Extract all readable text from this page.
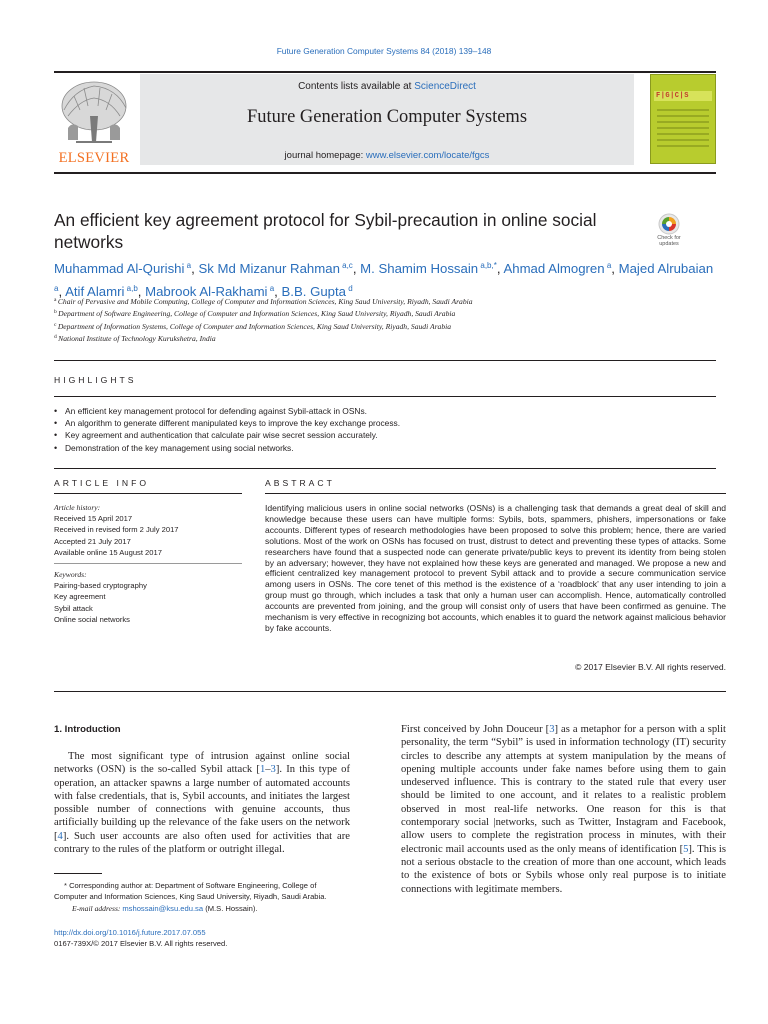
Future Generation Computer Systems 84 (2018) 139–148
ELSEVIER
Contents lists available at ScienceDirect
Future Generation Computer Systems
journal homepage: www.elsevier.com/locate/fgcs
F|G|C|S
An efficient key agreement protocol for Sybil-precaution in online social networks	Check for updates
Muhammad Al-Qurishi $^a$, Sk Md Mizanur Rahman $^{a,c}$, M. Shamim Hossain $^{a,b,*}$, Ahmad Almogren $^a$, Majed Alrubaian $^a$, Atif Alamri $^{a,b}$, Mabrook Al-Rakhami $^a$, B.B. Gupta $^d$
$^a$ Chair of Pervasive and Mobile Computing, College of Computer and Information Sciences, King Saud University, Riyadh, Saudi Arabia
$^b$ Department of Software Engineering, College of Computer and Information Sciences, King Saud University, Riyadh, Saudi Arabia
$^c$ Department of Information Systems, College of Computer and Information Sciences, King Saud University, Riyadh, Saudi Arabia
$^d$ National Institute of Technology Kurukshetra, India
HIGHLIGHTS
• An efficient key management protocol for defending against Sybil-attack in OSNs.
• An algorithm to generate different manipulated keys to improve the key exchange process.
• Key agreement and authentication that calculate pair wise secret session accurately.
• Demonstration of the key management using social networks.
ARTICLE INFO
Article history:
Received 15 April 2017
Received in revised form 2 July 2017
Accepted 21 July 2017
Available online 15 August 2017
Keywords:
Pairing-based cryptography
Key agreement
Sybil attack
Online social networks
ABSTRACT
Identifying malicious users in online social networks (OSNs) is a challenging task that demands a great deal of skill and knowledge because these users can have multiple forms: Sybils, bots, spammers, phishers, impersonations or fake accounts. Different types of research methodologies have been proposed to solve this problem; hence, there are varied solutions. Most of the work on OSNs has focused on trust, distrust to detect and preventing these types of attacks. Some researchers have found that a suspected node can generate private/public keys to prevent its identity from being stolen by an adversary; however, they have not explained how these keys are generated and managed. We propose a new and efficient centralized key management protocol to prevent Sybil attack and to provide a secure communication service among users in OSNs. The core tenet of this method is the existence of a ‘roadblock’ that any user intending to join a group must go through, which includes a task that only a human user can accomplish. Hence, automatically controlled accounts are prevented from joining, and the group will consist only of users that have been confirmed as genuine. The mechanism is very effective in recognizing bot accounts, which enables it to guard the network against malicious behavior by fake accounts.
© 2017 Elsevier B.V. All rights reserved.
1. Introduction
The most significant type of intrusion against online social networks (OSN) is the so-called Sybil attack [1–3]. In this type of operation, an attacker spawns a large number of automated accounts with false credentials, that is, Sybil accounts, and initiates the largest possible number of connections with genuine accounts, thus artificially building up the relevance of the fake users on the network [4]. Such user accounts are also often used for activities that are contrary to the rules of the platform or outright illegal.
First conceived by John Douceur [3] as a metaphor for a person with a split personality, the term “Sybil” is used in information technology (IT) security circles to describe any attempts at system manipulation by the means of opening multiple accounts under fake names before using them to gain undeserved influence. This is contrary to the stated rule that every user should be limited to one account, and it relates to a realistic problem observed in most real-life networks. One reason for this is that contemporary social |networks, such as Twitter, Instagram and Facebook, allow users to complete the registration process in minutes, with their electronic mail accounts used as the only means of identification [5]. This is not a serious obstacle to the creation of more than one account, which leads to the existence of bots or Sybils whose only real purpose is to initiate connections with legitimate members.
* Corresponding author at: Department of Software Engineering, College of Computer and Information Sciences, King Saud University, Riyadh, Saudi Arabia.
E-mail address: mshossain@ksu.edu.sa (M.S. Hossain).
http://dx.doi.org/10.1016/j.future.2017.07.055
0167-739X/© 2017 Elsevier B.V. All rights reserved.
